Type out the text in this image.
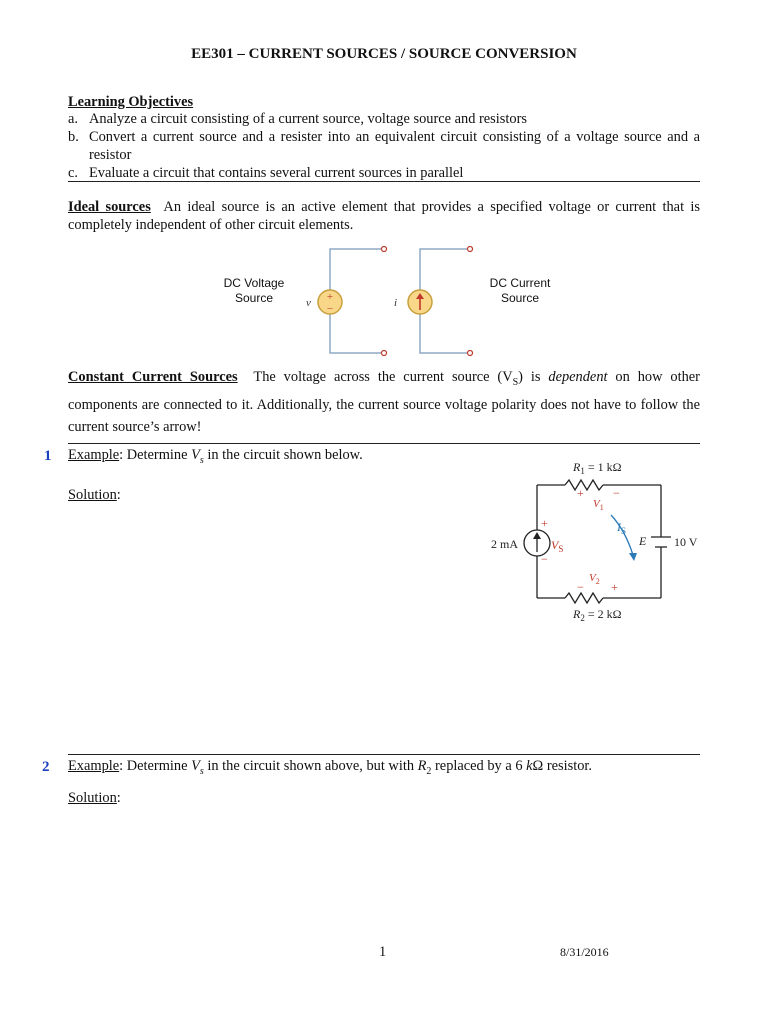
EE301 – CURRENT SOURCES / SOURCE CONVERSION
Learning Objectives
a. Analyze a circuit consisting of a current source, voltage source and resistors
b. Convert a current source and a resister into an equivalent circuit consisting of a voltage source and a resistor
c. Evaluate a circuit that contains several current sources in parallel
Ideal sources An ideal source is an active element that provides a specified voltage or current that is completely independent of other circuit elements.
DC Voltage
Source
DC Current
Source
+
−
v	i
Constant Current Sources The voltage across the current source $(V_S)$ is dependent on how other components are connected to it. Additionally, the current source voltage polarity does not have to follow the current source’s arrow!
1 Example: Determine $V_s$ in the circuit shown below.
Solution:
$R_1 = 1$ kΩ
+ −
$V_1$
+
$V_S$
−
$I_S$
2 mA	E 10 V
$V_2$
− +
$R_2 = 2$ kΩ
2 Example: Determine $V_s$ in the circuit shown above, but with $R_2$ replaced by a 6 kΩ resistor.
Solution:
1	8/31/2016
